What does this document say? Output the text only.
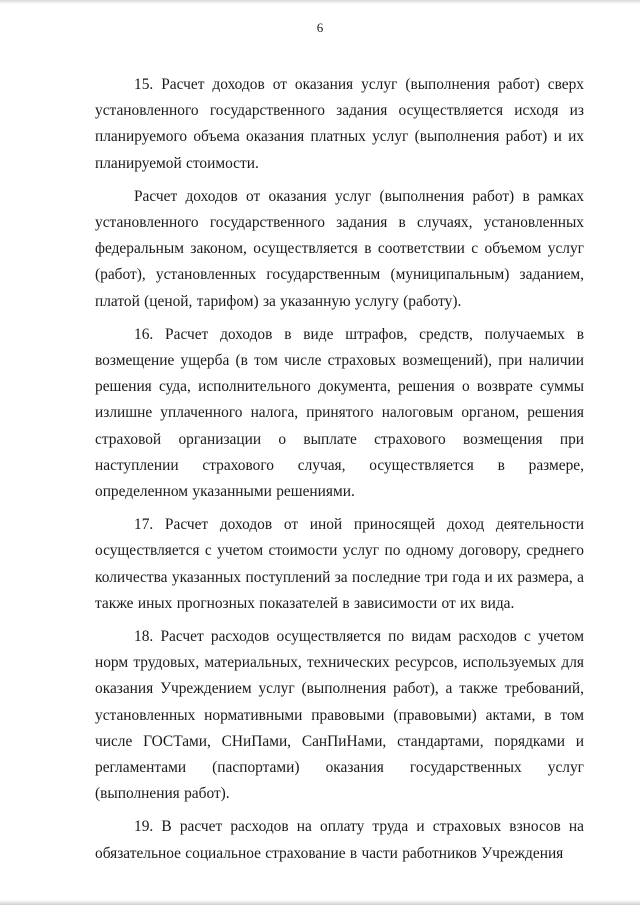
6

15. Расчет доходов от оказания услуг (выполнения работ) сверх установленного государственного задания осуществляется исходя из планируемого объема оказания платных услуг (выполнения работ) и их планируемой стоимости.

Расчет доходов от оказания услуг (выполнения работ) в рамках установленного государственного задания в случаях, установленных федеральным законом, осуществляется в соответствии с объемом услуг (работ), установленных государственным (муниципальным) заданием, платой (ценой, тарифом) за указанную услугу (работу).

16. Расчет доходов в виде штрафов, средств, получаемых в возмещение ущерба (в том числе страховых возмещений), при наличии решения суда, исполнительного документа, решения о возврате суммы излишне уплаченного налога, принятого налоговым органом, решения страховой организации о выплате страхового возмещения при наступлении страхового случая, осуществляется в размере, определенном указанными решениями.

17. Расчет доходов от иной приносящей доход деятельности осуществляется с учетом стоимости услуг по одному договору, среднего количества указанных поступлений за последние три года и их размера, а также иных прогнозных показателей в зависимости от их вида.

18. Расчет расходов осуществляется по видам расходов с учетом норм трудовых, материальных, технических ресурсов, используемых для оказания Учреждением услуг (выполнения работ), а также требований, установленных нормативными правовыми (правовыми) актами, в том числе ГОСТами, СНиПами, СанПиНами, стандартами, порядками и регламентами (паспортами) оказания государственных услуг (выполнения работ).

19. В расчет расходов на оплату труда и страховых взносов на обязательное социальное страхование в части работников Учреждения
